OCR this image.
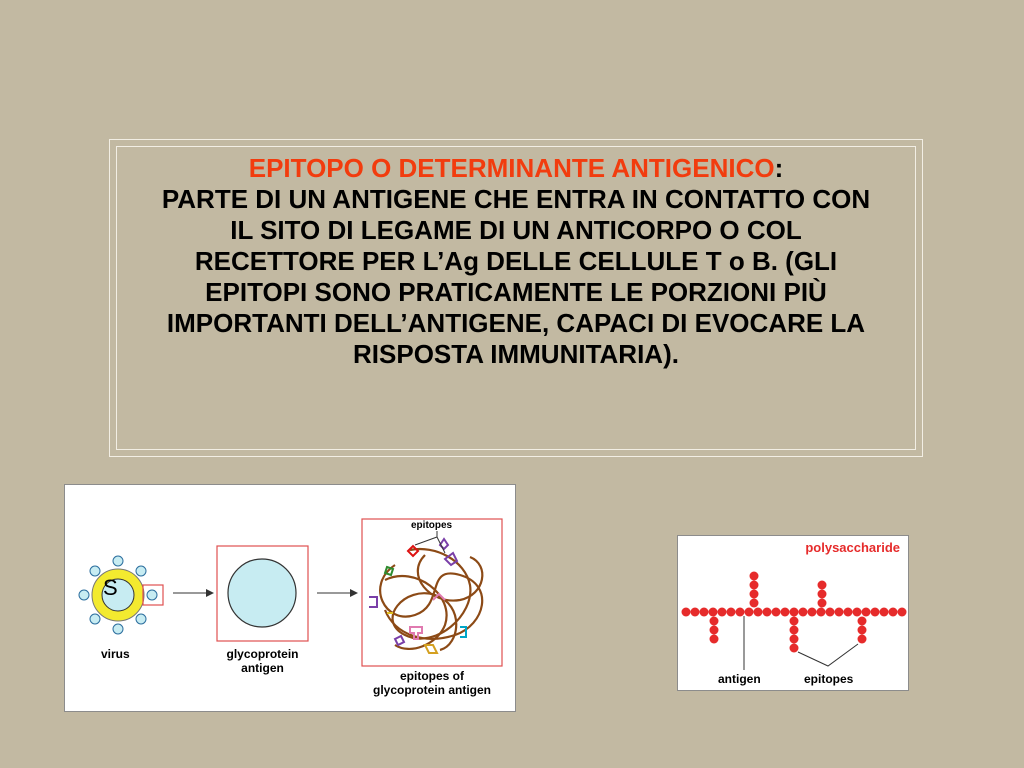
EPITOPO O DETERMINANTE ANTIGENICO:
PARTE DI UN ANTIGENE CHE ENTRA IN CONTATTO CON IL SITO DI LEGAME DI UN ANTICORPO O COL RECETTORE PER L’Ag DELLE CELLULE T o B. (GLI EPITOPI SONO PRATICAMENTE LE PORZIONI PIÙ IMPORTANTI DELL’ANTIGENE, CAPACI DI EVOCARE LA RISPOSTA IMMUNITARIA).

virus	glycoprotein
antigen
epitopes
epitopes of
glycoprotein antigen
S
polysaccharide
antigen	epitopes
